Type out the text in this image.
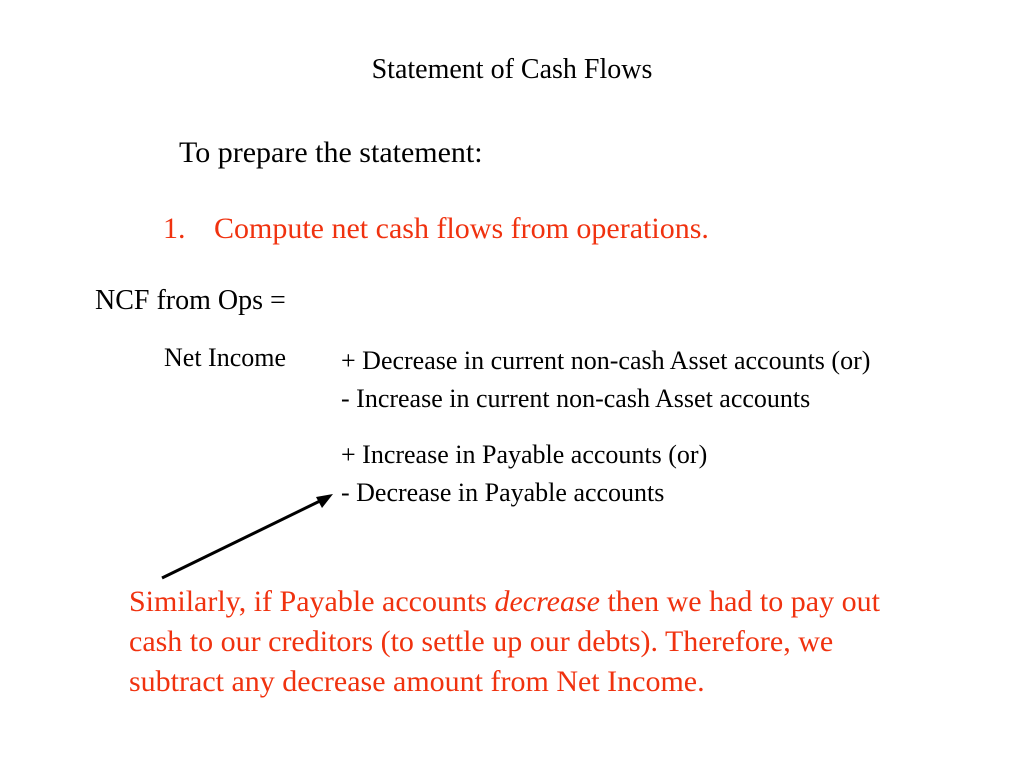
Statement of Cash Flows
To prepare the statement:
1. Compute net cash flows from operations.
NCF from Ops =
Net Income + Decrease in current non-cash Asset accounts (or)
- Increase in current non-cash Asset accounts
+ Increase in Payable accounts (or)
- Decrease in Payable accounts
Similarly, if Payable accounts decrease then we had to pay out cash to our creditors (to settle up our debts). Therefore, we subtract any decrease amount from Net Income.
